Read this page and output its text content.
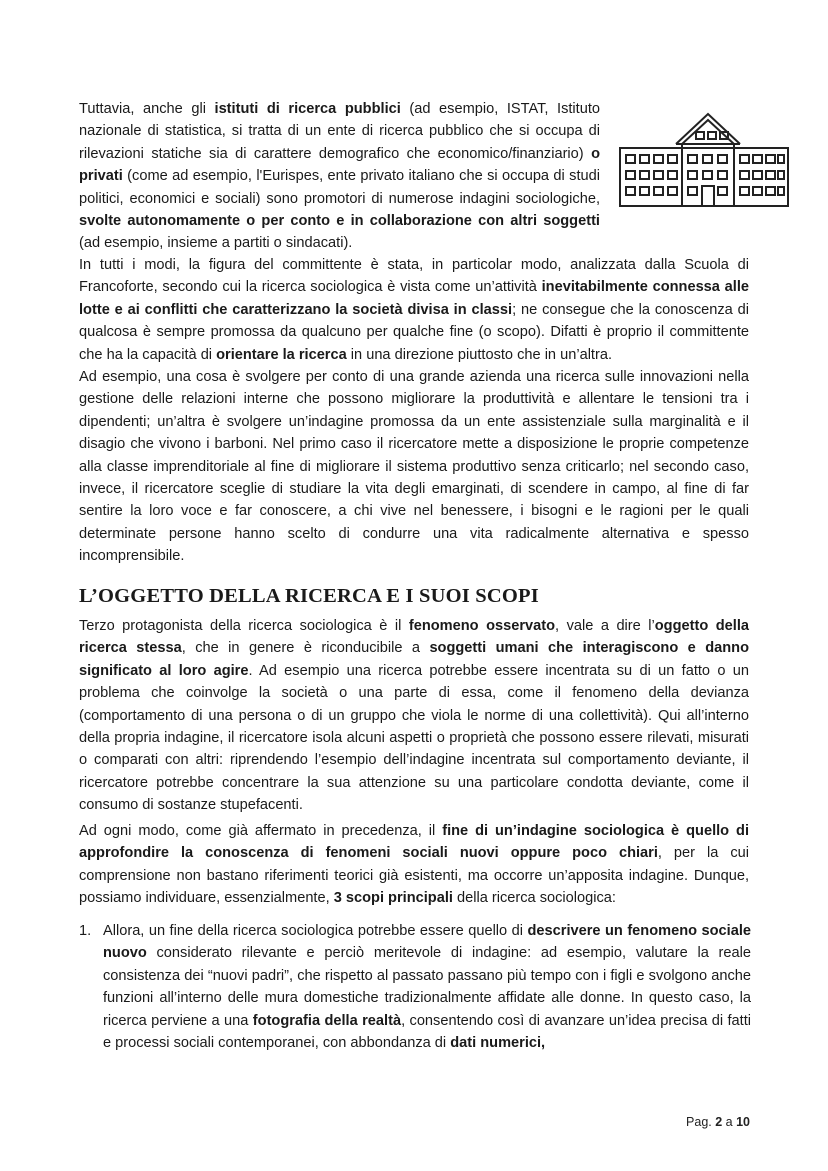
Tuttavia, anche gli istituti di ricerca pubblici (ad esempio, ISTAT, Istituto nazionale di statistica, si tratta di un ente di ricerca pubblico che si occupa di rilevazioni statiche sia di carattere demografico che economico/finanziario) o privati (come ad esempio, l'Eurispes, ente privato italiano che si occupa di studi politici, economici e sociali) sono promotori di numerose indagini sociologiche, svolte autonomamente o per conto e in collaborazione con altri soggetti (ad esempio, insieme a partiti o sindacati).

In tutti i modi, la figura del committente è stata, in particolar modo, analizzata dalla Scuola di Francoforte, secondo cui la ricerca sociologica è vista come un’attività inevitabilmente connessa alle lotte e ai conflitti che caratterizzano la società divisa in classi; ne consegue che la conoscenza di qualcosa è sempre promossa da qualcuno per qualche fine (o scopo). Difatti è proprio il committente che ha la capacità di orientare la ricerca in una direzione piuttosto che in un’altra.

Ad esempio, una cosa è svolgere per conto di una grande azienda una ricerca sulle innovazioni nella gestione delle relazioni interne che possono migliorare la produttività e allentare le tensioni tra i dipendenti; un’altra è svolgere un’indagine promossa da un ente assistenziale sulla marginalità e il disagio che vivono i barboni. Nel primo caso il ricercatore mette a disposizione le proprie competenze alla classe imprenditoriale al fine di migliorare il sistema produttivo senza criticarlo; nel secondo caso, invece, il ricercatore sceglie di studiare la vita degli emarginati, di scendere in campo, al fine di far sentire la loro voce e far conoscere, a chi vive nel benessere, i bisogni e le ragioni per le quali determinate persone hanno scelto di condurre una vita radicalmente alternativa e spesso incomprensibile.

L’OGGETTO DELLA RICERCA E I SUOI SCOPI

Terzo protagonista della ricerca sociologica è il fenomeno osservato, vale a dire l’oggetto della ricerca stessa, che in genere è riconducibile a soggetti umani che interagiscono e danno significato al loro agire. Ad esempio una ricerca potrebbe essere incentrata su di un fatto o un problema che coinvolge la società o una parte di essa, come il fenomeno della devianza (comportamento di una persona o di un gruppo che viola le norme di una collettività). Qui all’interno della propria indagine, il ricercatore isola alcuni aspetti o proprietà che possono essere rilevati, misurati o comparati con altri: riprendendo l’esempio dell’indagine incentrata sul comportamento deviante, il ricercatore potrebbe concentrare la sua attenzione su una particolare condotta deviante, come il consumo di sostanze stupefacenti.

Ad ogni modo, come già affermato in precedenza, il fine di un’indagine sociologica è quello di approfondire la conoscenza di fenomeni sociali nuovi oppure poco chiari, per la cui comprensione non bastano riferimenti teorici già esistenti, ma occorre un’apposita indagine. Dunque, possiamo individuare, essenzialmente, 3 scopi principali della ricerca sociologica:

1. Allora, un fine della ricerca sociologica potrebbe essere quello di descrivere un fenomeno sociale nuovo considerato rilevante e perciò meritevole di indagine: ad esempio, valutare la reale consistenza dei “nuovi padri”, che rispetto al passato passano più tempo con i figli e svolgono anche funzioni all’interno delle mura domestiche tradizionalmente affidate alle donne. In questo caso, la ricerca perviene a una fotografia della realtà, consentendo così di avanzare un’idea precisa di fatti e processi sociali contemporanei, con abbondanza di dati numerici,

Pag. 2 a 10
